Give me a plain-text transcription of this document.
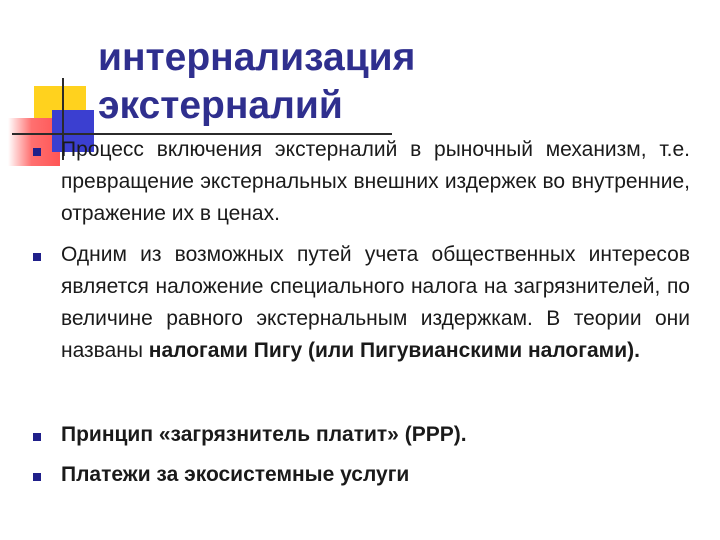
интернализация
экстерналий

Процесс включения экстерналий в рыночный механизм, т.е. превращение экстернальных внешних издержек во внутренние, отражение их в ценах.

Одним из возможных путей учета общественных интересов является наложение специального налога на загрязнителей, по величине равного экстернальным издержкам. В теории они названы налогами Пигу (или Пигувианскими налогами).

Принцип «загрязнитель платит» (PPP).

Платежи за экосистемные услуги
